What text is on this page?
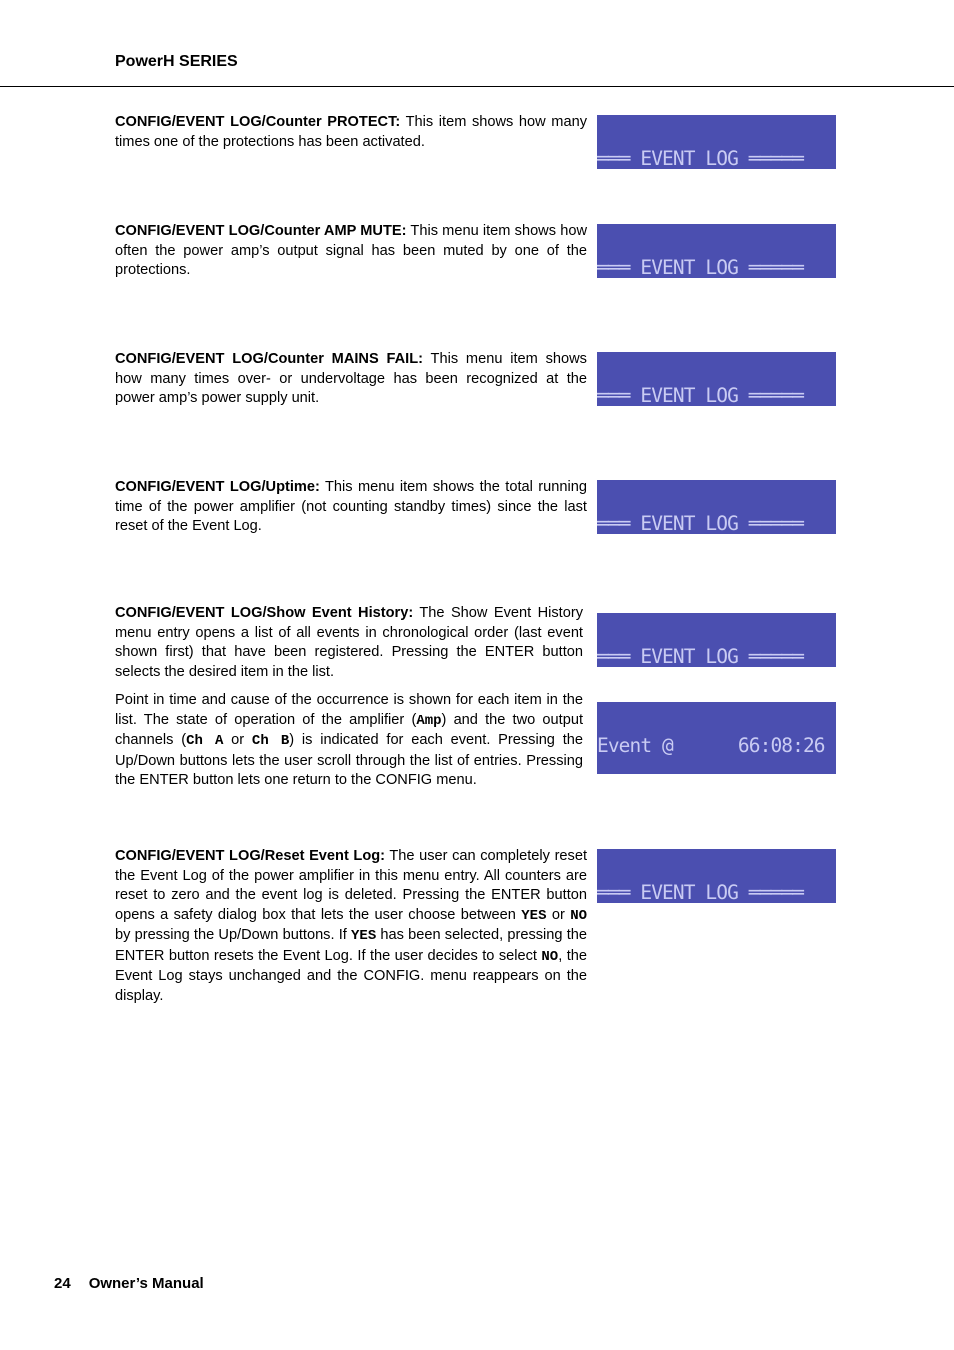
PowerH SERIES
CONFIG/EVENT LOG/Counter PROTECT: This item shows how many times one of the protections has been activated.

═══ EVENT LOG ═════

CONFIG/EVENT LOG/Counter AMP MUTE: This menu item shows how often the power amp’s output signal has been muted by one of the protections.

	═══ EVENT LOG ═════

CONFIG/EVENT LOG/Counter MAINS FAIL: This menu item shows how many times over- or undervoltage has been recognized at the power amp’s power supply unit.

	═══ EVENT LOG ═════

CONFIG/EVENT LOG/Uptime: This menu item shows the total running time of the power amplifier (not counting standby times) since the last reset of the Event Log.

	═══ EVENT LOG ═════

CONFIG/EVENT LOG/Show Event History: The Show Event History menu entry opens a list of all events in chronological order (last event shown first) that have been registered. Pressing the ENTER button selects the desired item in the list.

═══ EVENT LOG ═════

Point in time and cause of the occurrence is shown for each item in the list. The state of operation of the amplifier (Amp) and the two output channels (Ch A or Ch B) is indicated for each event. Pressing the Up/Down buttons lets the user scroll through the list of entries. Pressing the ENTER button lets one return to the CONFIG menu.

Event @      66:08:26

CONFIG/EVENT LOG/Reset Event Log: The user can completely reset the Event Log of the power amplifier in this menu entry. All counters are reset to zero and the event log is deleted. Pressing the ENTER button opens a safety dialog box that lets the user choose between YES or NO by pressing the Up/Down buttons. If YES has been selected, pressing the ENTER button resets the Event Log. If the user decides to select NO, the Event Log stays unchanged and the CONFIG. menu reappears on the display.

═══ EVENT LOG ═════

24 Owner’s Manual
